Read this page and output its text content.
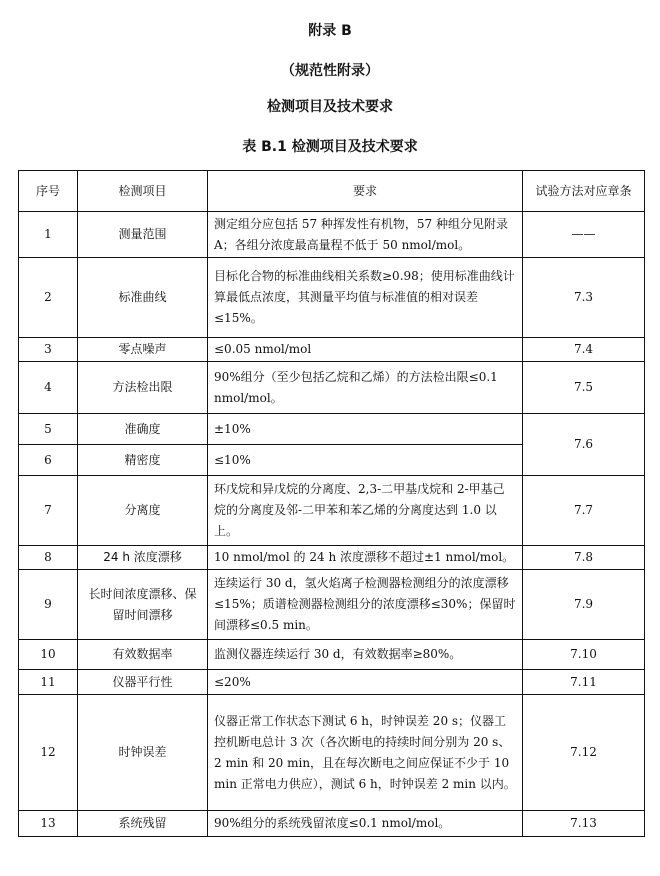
附录 B
（规范性附录）
检测项目及技术要求
表 B.1 检测项目及技术要求
序号	检测项目	要求	试验方法对应章条
1	测量范围	测定组分应包括 57 种挥发性有机物，57 种组分见附录 A；各组分浓度最高量程不低于 50 nmol/mol。	——
2	标准曲线	目标化合物的标准曲线相关系数≥0.98；使用标准曲线计算最低点浓度，其测量平均值与标准值的相对误差≤15%。	7.3
3	零点噪声	≤0.05 nmol/mol	7.4
4	方法检出限	90%组分（至少包括乙烷和乙烯）的方法检出限≤0.1　nmol/mol。	7.5
5	准确度	±10%	7.6
6	精密度	≤10%	
7	分离度	环戊烷和异戊烷的分离度、2,3-二甲基戊烷和 2-甲基己烷的分离度及邻-二甲苯和苯乙烯的分离度达到 1.0 以上。	7.7
8	24 h 浓度漂移	10 nmol/mol 的 24 h 浓度漂移不超过±1 nmol/mol。	7.8
9	长时间浓度漂移、保留时间漂移	连续运行 30 d，氢火焰离子检测器检测组分的浓度漂移≤15%；质谱检测器检测组分的浓度漂移≤30%；保留时间漂移≤0.5 min。	7.9
10	有效数据率	监测仪器连续运行 30 d，有效数据率≥80%。	7.10
11	仪器平行性	≤20%	7.11
12	时钟误差	仪器正常工作状态下测试 6 h，时钟误差 20 s；仪器工控机断电总计 3 次（各次断电的持续时间分别为 20 s、2 min 和 20 min，且在每次断电之间应保证不少于 10 min 正常电力供应），测试 6 h，时钟误差 2 min 以内。	7.12
13	系统残留	90%组分的系统残留浓度≤0.1 nmol/mol。	7.13
